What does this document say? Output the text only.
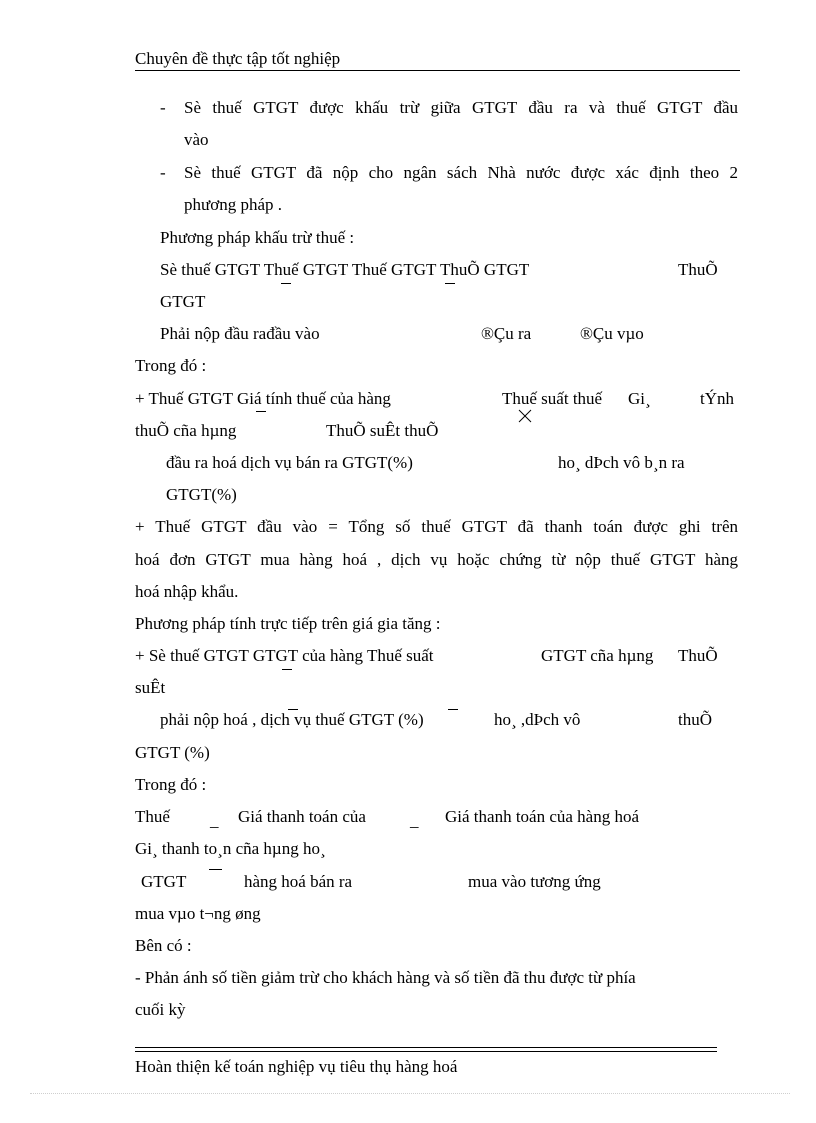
Chuyên đề thực tập tốt nghiệp
- Sè thuế GTGT được khấu trừ giữa GTGT đầu ra và thuế GTGT đầu
vào
- Sè thuế GTGT đã nộp cho ngân sách Nhà nước được xác định theo 2
phương pháp .
Phương pháp khấu trừ thuế :
Sè thuế GTGT Thuế GTGT Thuế GTGT ThuÕ GTGT	ThuÕ
GTGT
Phải nộp đầu rađầu vào	®Çu ra	®Çu vµo
Trong đó :
+ Thuế GTGT Giá tính thuế của hàng	Thuế suất thuế Gi¸	tÝnh
thuÕ cña hµng	ThuÕ suÊt thuÕ
đầu ra hoá dịch vụ bán ra GTGT(%)	ho¸ dÞch vô b¸n ra
GTGT(%)
+ Thuế GTGT đầu vào = Tổng số thuế GTGT đã thanh toán được ghi trên
hoá đơn GTGT mua hàng hoá , dịch vụ hoặc chứng từ nộp thuế GTGT hàng
hoá nhập khẩu.
Phương pháp tính trực tiếp trên giá gia tăng :
+ Sè thuế GTGT GTGT của hàng Thuế suất	GTGT cña hµng ThuÕ
suÊt
phải nộp hoá , dịch vụ thuế GTGT (%)	ho¸ ,dÞch vô	thuÕ
GTGT (%)
Trong đó :
Thuế _ Giá thanh toán của	_ Giá thanh toán của hàng hoá
Gi¸ thanh to¸n cña hµng ho¸
GTGT	hàng hoá bán ra	mua vào tương ứng
mua vµo t¬ng øng
Bên có :
- Phản ánh số tiền giảm trừ cho khách hàng và số tiền đã thu được từ phía
cuối kỳ
Hoàn thiện kế toán nghiệp vụ tiêu thụ hàng hoá
